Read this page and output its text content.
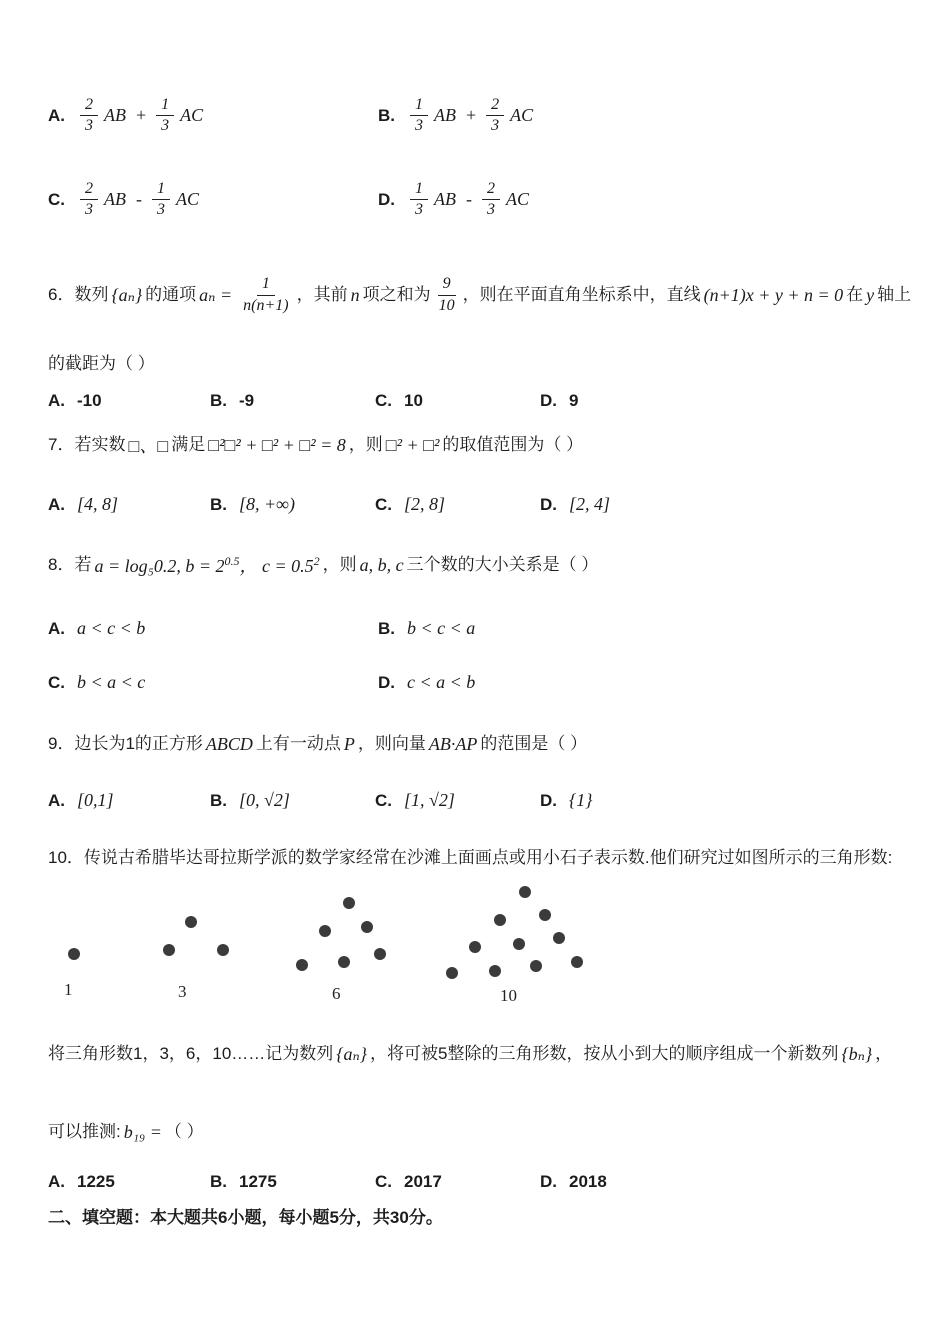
A. $\frac{2}{3}$ AB + $\frac{1}{3}$ AC	B. $\frac{1}{3}$ AB + $\frac{2}{3}$ AC
C. $\frac{2}{3}$ AB - $\frac{1}{3}$ AC	D. $\frac{1}{3}$ AB - $\frac{2}{3}$ AC
6．数列 {aₙ} 的通项 $a_n = \frac{1}{n(n+1)}$ ，其前 n 项之和为 $\frac{9}{10}$ ，则在平面直角坐标系中，直线 (n+1)x + y + n = 0 在 y 轴上
的截距为（ ）
A. -10	B. -9	C. 10	D. 9
7．若实数 □、□ 满足 □²□² + □² + □² = 8 ，则 □² + □² 的取值范围为（ ）
A. [4, 8]	B. [8, +∞)	C. [2, 8]	D. [2, 4]
8．若 a = log₅0.2, $b = 2^{0.5}$， $c = 0.5^2$ ，则 a, b, c 三个数的大小关系是（ ）
A. a < c < b	B. b < c < a
C. b < a < c	D. c < a < b
9．边长为1的正方形 ABCD 上有一动点 P ，则向量 AB·AP 的范围是（ ）
A. [0,1]	B. [0, √2]	C. [1, √2]	D. {1}
10．传说古希腊毕达哥拉斯学派的数学家经常在沙滩上面画点或用小石子表示数.他们研究过如图所示的三角形数:
1	3	6	10
将三角形数1，3，6，10……记为数列 {aₙ} ，将可被5整除的三角形数，按从小到大的顺序组成一个新数列 {bₙ} ，
可以推测: b₁₉ = （ ）
A. 1225	B. 1275	C. 2017	D. 2018
二、填空题：本大题共6小题，每小题5分，共30分。
